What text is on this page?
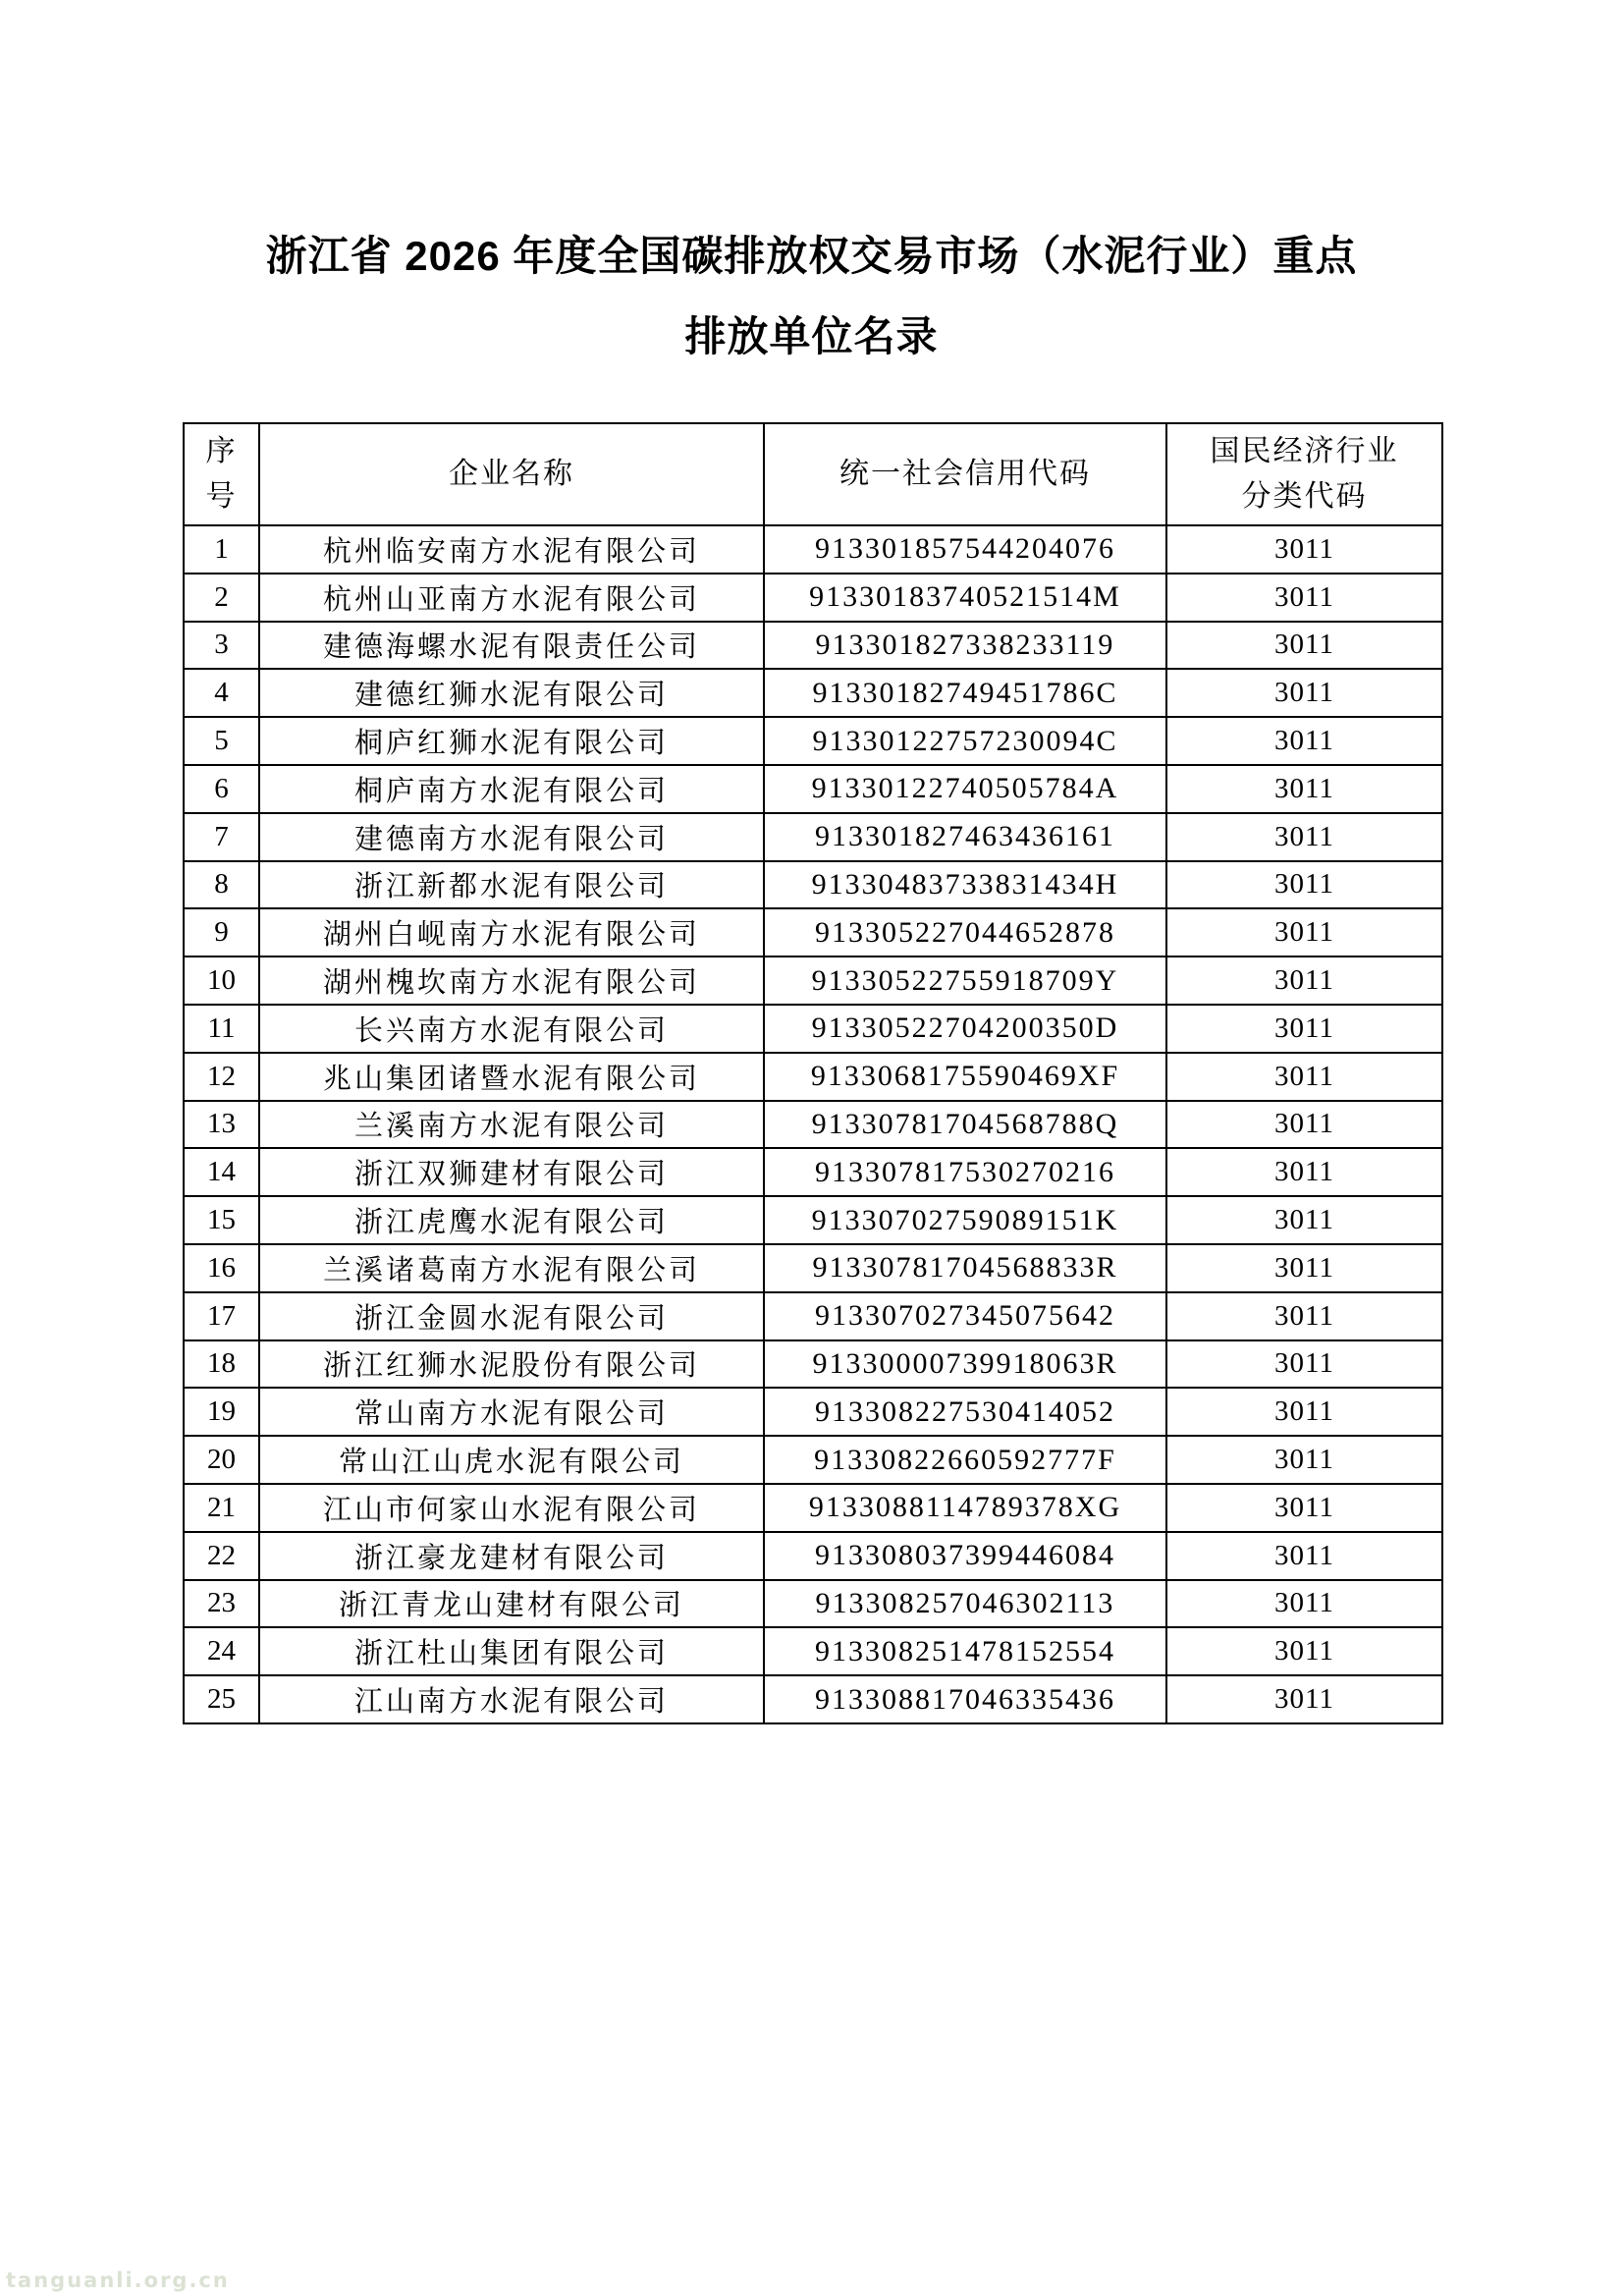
浙江省 2026 年度全国碳排放权交易市场（水泥行业）重点
排放单位名录
序号	企业名称	统一社会信用代码	国民经济行业分类代码

1	杭州临安南方水泥有限公司	913301857544204076	3011
2	杭州山亚南方水泥有限公司	91330183740521514M	3011
3	建德海螺水泥有限责任公司	913301827338233119	3011
4	建德红狮水泥有限公司	91330182749451786C	3011
5	桐庐红狮水泥有限公司	91330122757230094C	3011
6	桐庐南方水泥有限公司	91330122740505784A	3011
7	建德南方水泥有限公司	913301827463436161	3011
8	浙江新都水泥有限公司	91330483733831434H	3011
9	湖州白岘南方水泥有限公司	913305227044652878	3011
10	湖州槐坎南方水泥有限公司	91330522755918709Y	3011
11	长兴南方水泥有限公司	91330522704200350D	3011
12	兆山集团诸暨水泥有限公司	9133068175590469XF	3011
13	兰溪南方水泥有限公司	91330781704568788Q	3011
14	浙江双狮建材有限公司	913307817530270216	3011
15	浙江虎鹰水泥有限公司	91330702759089151K	3011
16	兰溪诸葛南方水泥有限公司	91330781704568833R	3011
17	浙江金圆水泥有限公司	913307027345075642	3011
18	浙江红狮水泥股份有限公司	91330000739918063R	3011
19	常山南方水泥有限公司	913308227530414052	3011
20	常山江山虎水泥有限公司	91330822660592777F	3011
21	江山市何家山水泥有限公司	9133088114789378XG	3011
22	浙江豪龙建材有限公司	913308037399446084	3011
23	浙江青龙山建材有限公司	913308257046302113	3011
24	浙江杜山集团有限公司	913308251478152554	3011
25	江山南方水泥有限公司	913308817046335436	3011
tanguanli.org.cn
